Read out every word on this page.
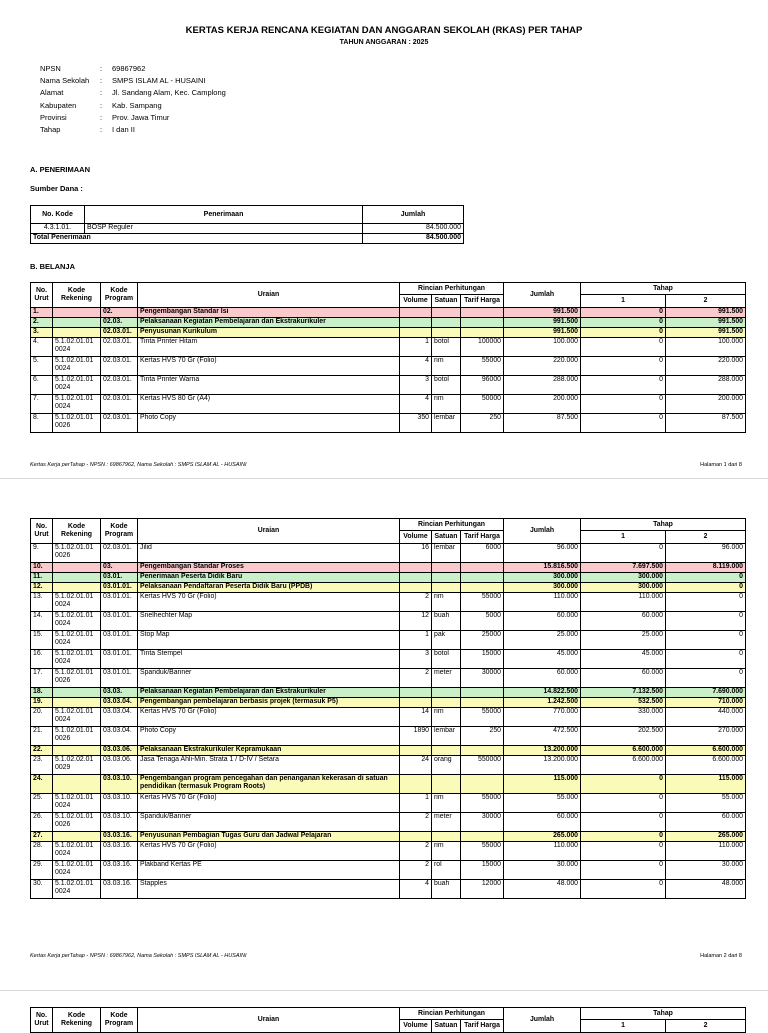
KERTAS KERJA RENCANA KEGIATAN DAN ANGGARAN SEKOLAH (RKAS) PER TAHAP
TAHUN ANGGARAN : 2025
NPSN	:	69867962
Nama Sekolah	:	SMPS ISLAM AL - HUSAINI
Alamat	:	Jl. Sandang Alam, Kec. Camplong
Kabupaten	:	Kab. Sampang
Provinsi	:	Prov. Jawa Timur
Tahap	:	I dan II
A. PENERIMAAN
Sumber Dana :
No. Kode	Penerimaan	Jumlah
4.3.1.01.	BOSP Reguler	84.500.000
Total Penerimaan		84.500.000
B. BELANJA
No. Urut	Kode Rekening	Kode Program	Uraian	Rincian Perhitungan			Jumlah	Tahap	
				Volume	Satuan	Tarif Harga		1	2
1.		02.	Pengembangan Standar Isi				991.500	0	991.500
2.		02.03.	Pelaksanaan Kegiatan Pembelajaran dan Ekstrakurikuler				991.500	0	991.500
3.		02.03.01.	Penyusunan Kurikulum				991.500	0	991.500
4.	5.1.02.01.01 0024	02.03.01.	Tinta Printer Hitam	1	botol	100000	100.000	0	100.000
5.	5.1.02.01.01 0024	02.03.01.	Kertas HVS 70 Gr (Folio)	4	rim	55000	220.000	0	220.000
6.	5.1.02.01.01 0024	02.03.01.	Tinta Printer Warna	3	botol	96000	288.000	0	288.000
7.	5.1.02.01.01 0024	02.03.01.	Kertas HVS 80 Gr (A4)	4	rim	50000	200.000	0	200.000
8.	5.1.02.01.01 0026	02.03.01.	Photo Copy	350	lembar	250	87.500	0	87.500
Kertas Kerja perTahap - NPSN : 69867962, Nama Sekolah : SMPS ISLAM AL - HUSAINI	Halaman 1 dari 8
No. Urut	Kode Rekening	Kode Program	Uraian	Rincian Perhitungan			Jumlah	Tahap	
				Volume	Satuan	Tarif Harga		1	2
9.	5.1.02.01.01 0026	02.03.01.	Jilid	16	lembar	6000	96.000	0	96.000
10.		03.	Pengembangan Standar Proses				15.816.500	7.697.500	8.119.000
11.		03.01.	Penerimaan Peserta Didik Baru				300.000	300.000	0
12.		03.01.01.	Pelaksanaan Pendaftaran Peserta Didik Baru (PPDB)				300.000	300.000	0
13.	5.1.02.01.01 0024	03.01.01.	Kertas HVS 70 Gr (Folio)	2	rim	55000	110.000	110.000	0
14.	5.1.02.01.01 0024	03.01.01.	Snelhechter Map	12	buah	5000	60.000	60.000	0
15.	5.1.02.01.01 0024	03.01.01.	Stop Map	1	pak	25000	25.000	25.000	0
16.	5.1.02.01.01 0024	03.01.01.	Tinta Stempel	3	botol	15000	45.000	45.000	0
17.	5.1.02.01.01 0026	03.01.01.	Spanduk/Banner	2	meter	30000	60.000	60.000	0
18.		03.03.	Pelaksanaan Kegiatan Pembelajaran dan Ekstrakurikuler				14.822.500	7.132.500	7.690.000
19.		03.03.04.	Pengembangan pembelajaran berbasis projek (termasuk P5)				1.242.500	532.500	710.000
20.	5.1.02.01.01 0024	03.03.04.	Kertas HVS 70 Gr (Folio)	14	rim	55000	770.000	330.000	440.000
21.	5.1.02.01.01 0026	03.03.04.	Photo Copy	1890	lembar	250	472.500	202.500	270.000
22.		03.03.06.	Pelaksanaan Ekstrakurikuler Kepramukaan				13.200.000	6.600.000	6.600.000
23.	5.1.02.02.01 0029	03.03.06.	Jasa Tenaga Ahli-Min. Strata 1 / D-IV / Setara	24	orang	550000	13.200.000	6.600.000	6.600.000
24.		03.03.10.	Pengembangan program pencegahan dan penanganan kekerasan di satuan pendidikan (termasuk Program Roots)				115.000	0	115.000
25.	5.1.02.01.01 0024	03.03.10.	Kertas HVS 70 Gr (Folio)	1	rim	55000	55.000	0	55.000
26.	5.1.02.01.01 0026	03.03.10.	Spanduk/Banner	2	meter	30000	60.000	0	60.000
27.		03.03.16.	Penyusunan Pembagian Tugas Guru dan Jadwal Pelajaran				265.000	0	265.000
28.	5.1.02.01.01 0024	03.03.16.	Kertas HVS 70 Gr (Folio)	2	rim	55000	110.000	0	110.000
29.	5.1.02.01.01 0024	03.03.16.	Plakband Kertas PE	2	rol	15000	30.000	0	30.000
30.	5.1.02.01.01 0024	03.03.16.	Stapples	4	buah	12000	48.000	0	48.000
Kertas Kerja perTahap - NPSN : 69867962, Nama Sekolah : SMPS ISLAM AL - HUSAINI	Halaman 2 dari 8
No. Urut	Kode Rekening	Kode Program	Uraian	Rincian Perhitungan			Jumlah	Tahap	
				Volume	Satuan	Tarif Harga		1	2
